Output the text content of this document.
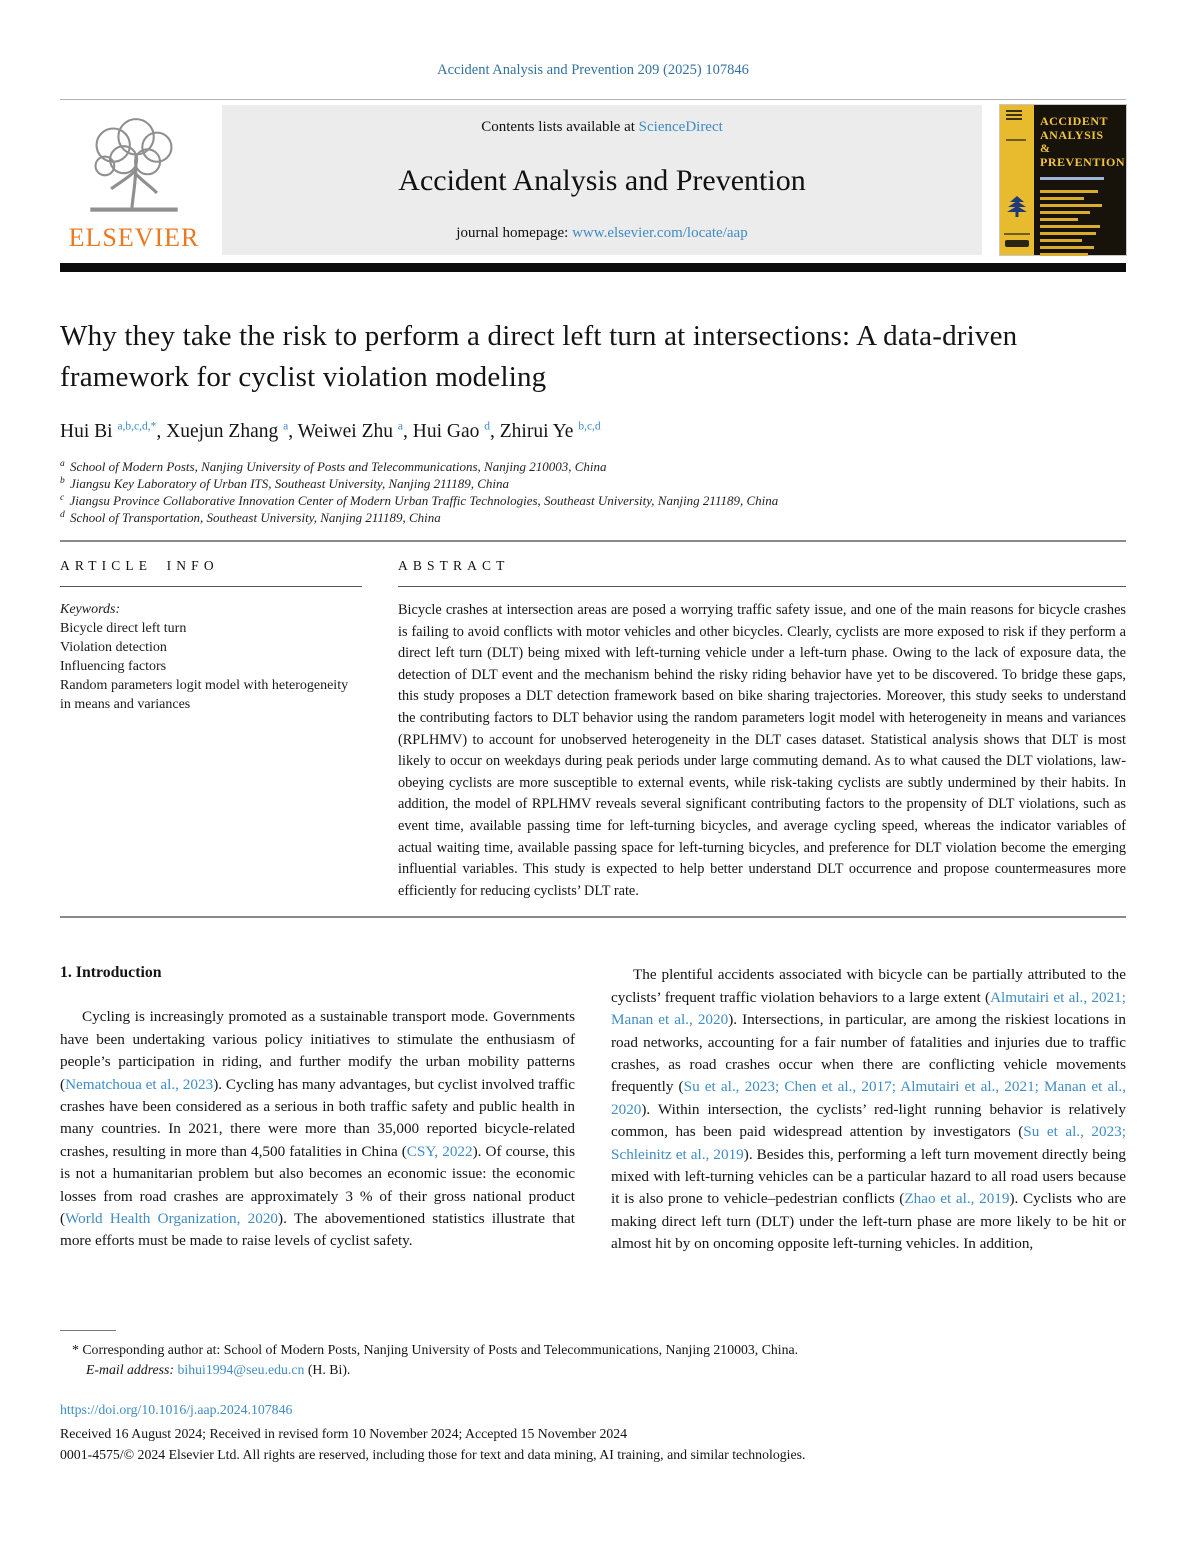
Accident Analysis and Prevention 209 (2025) 107846
ELSEVIER
Contents lists available at ScienceDirect
Accident Analysis and Prevention
journal homepage: www.elsevier.com/locate/aap
ACCIDENT
ANALYSIS
&
PREVENTION
Why they take the risk to perform a direct left turn at intersections: A data-driven framework for cyclist violation modeling
Hui Bi $^{a,b,c,d,*}$, Xuejun Zhang $^a$, Weiwei Zhu $^a$, Hui Gao $^d$, Zhirui Ye $^{b,c,d}$
$^a$ School of Modern Posts, Nanjing University of Posts and Telecommunications, Nanjing 210003, China
$^b$ Jiangsu Key Laboratory of Urban ITS, Southeast University, Nanjing 211189, China
$^c$ Jiangsu Province Collaborative Innovation Center of Modern Urban Traffic Technologies, Southeast University, Nanjing 211189, China
$^d$ School of Transportation, Southeast University, Nanjing 211189, China
ARTICLE INFO
Keywords:
Bicycle direct left turn
Violation detection
Influencing factors
Random parameters logit model with heterogeneity in means and variances
ABSTRACT
Bicycle crashes at intersection areas are posed a worrying traffic safety issue, and one of the main reasons for bicycle crashes is failing to avoid conflicts with motor vehicles and other bicycles. Clearly, cyclists are more exposed to risk if they perform a direct left turn (DLT) being mixed with left-turning vehicle under a left-turn phase. Owing to the lack of exposure data, the detection of DLT event and the mechanism behind the risky riding behavior have yet to be discovered. To bridge these gaps, this study proposes a DLT detection framework based on bike sharing trajectories. Moreover, this study seeks to understand the contributing factors to DLT behavior using the random parameters logit model with heterogeneity in means and variances (RPLHMV) to account for unobserved heterogeneity in the DLT cases dataset. Statistical analysis shows that DLT is most likely to occur on weekdays during peak periods under large commuting demand. As to what caused the DLT violations, law-obeying cyclists are more susceptible to external events, while risk-taking cyclists are subtly undermined by their habits. In addition, the model of RPLHMV reveals several significant contributing factors to the propensity of DLT violations, such as event time, available passing time for left-turning bicycles, and average cycling speed, whereas the indicator variables of actual waiting time, available passing space for left-turning bicycles, and preference for DLT violation become the emerging influential variables. This study is expected to help better understand DLT occurrence and propose countermeasures more efficiently for reducing cyclists’ DLT rate.
1. Introduction

Cycling is increasingly promoted as a sustainable transport mode. Governments have been undertaking various policy initiatives to stimulate the enthusiasm of people’s participation in riding, and further modify the urban mobility patterns (Nematchoua et al., 2023). Cycling has many advantages, but cyclist involved traffic crashes have been considered as a serious in both traffic safety and public health in many countries. In 2021, there were more than 35,000 reported bicycle-related crashes, resulting in more than 4,500 fatalities in China (CSY, 2022). Of course, this is not a humanitarian problem but also becomes an economic issue: the economic losses from road crashes are approximately 3 % of their gross national product (World Health Organization, 2020). The abovementioned statistics illustrate that more efforts must be made to raise levels of cyclist safety.

The plentiful accidents associated with bicycle can be partially attributed to the cyclists’ frequent traffic violation behaviors to a large extent (Almutairi et al., 2021; Manan et al., 2020). Intersections, in particular, are among the riskiest locations in road networks, accounting for a fair number of fatalities and injuries due to traffic crashes, as road crashes occur when there are conflicting vehicle movements frequently (Su et al., 2023; Chen et al., 2017; Almutairi et al., 2021; Manan et al., 2020). Within intersection, the cyclists’ red-light running behavior is relatively common, has been paid widespread attention by investigators (Su et al., 2023; Schleinitz et al., 2019). Besides this, performing a left turn movement directly being mixed with left-turning vehicles can be a particular hazard to all road users because it is also prone to vehicle–pedestrian conflicts (Zhao et al., 2019). Cyclists who are making direct left turn (DLT) under the left-turn phase are more likely to be hit or almost hit by on oncoming opposite left-turning vehicles. In addition,

* Corresponding author at: School of Modern Posts, Nanjing University of Posts and Telecommunications, Nanjing 210003, China.
E-mail address: bihui1994@seu.edu.cn (H. Bi).
https://doi.org/10.1016/j.aap.2024.107846
Received 16 August 2024; Received in revised form 10 November 2024; Accepted 15 November 2024
0001-4575/© 2024 Elsevier Ltd. All rights are reserved, including those for text and data mining, AI training, and similar technologies.
